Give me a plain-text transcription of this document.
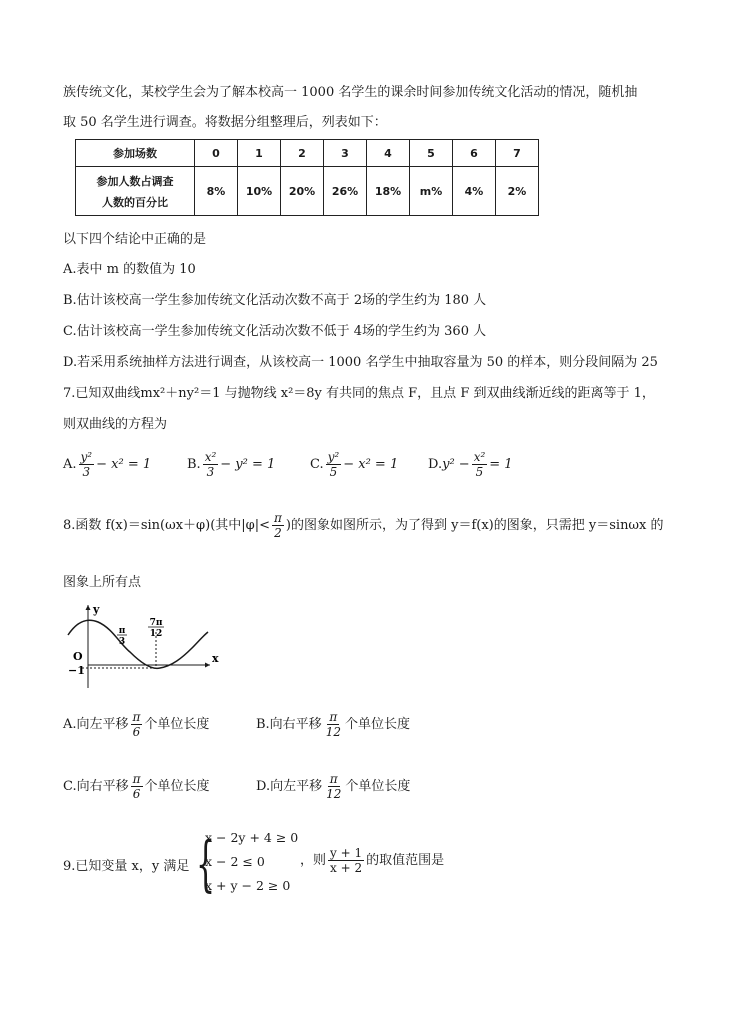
族传统文化，某校学生会为了解本校高一 1000 名学生的课余时间参加传统文化活动的情况，随机抽
取 50 名学生进行调查。将数据分组整理后，列表如下：
参加场数	0	1	2	3	4	5	6	7

参加人数占调查
人数的百分比	8%	10%	20%	26%	18%	m%	4%	2%
以下四个结论中正确的是
A.表中 m 的数值为 10
B.估计该校高一学生参加传统文化活动次数不高于 2场的学生约为 180 人
C.估计该校高一学生参加传统文化活动次数不低于 4场的学生约为 360 人
D.若采用系统抽样方法进行调查，从该校高一 1000 名学生中抽取容量为 50 的样本，则分段间隔为 25
7.已知双曲线mx²＋ny²＝1 与抛物线 x²＝8y 有共同的焦点 F，且点 F 到双曲线渐近线的距离等于 1，
则双曲线的方程为
A. $\frac{\text{y²}}{3} - x^2 = 1$	B. $\frac{\text{x²}}{3} - y^2 = 1$	C. $\frac{\text{y²}}{5} - x^2 = 1$ $D.y^2 - \frac{\text{x²}}{5} = 1$
8.函数 f(x)＝sin(ωx＋φ)(其中$|\varphi|< \frac{\pi}{2}$ )的图象如图所示，为了得到 y＝f(x)的图象，只需把 y＝sinωx 的
图象上所有点
y
x
O
−1
π
3
7π
12
A.向左平移 $\frac{\pi}{6}$ 个单位长度	B.向右平移 $\frac{\pi}{12}$ 个单位长度
C.向右平移 $\frac{\pi}{6}$ 个单位长度	D.向左平移 $\frac{\pi}{12}$ 个单位长度
9.已知变量 x，y 满足 {
x − 2y + 4 ≥ 0
x − 2 ≤ 0
x + y − 2 ≥ 0
，则 $\frac{y + 1}{x + 2}$ 的取值范围是
